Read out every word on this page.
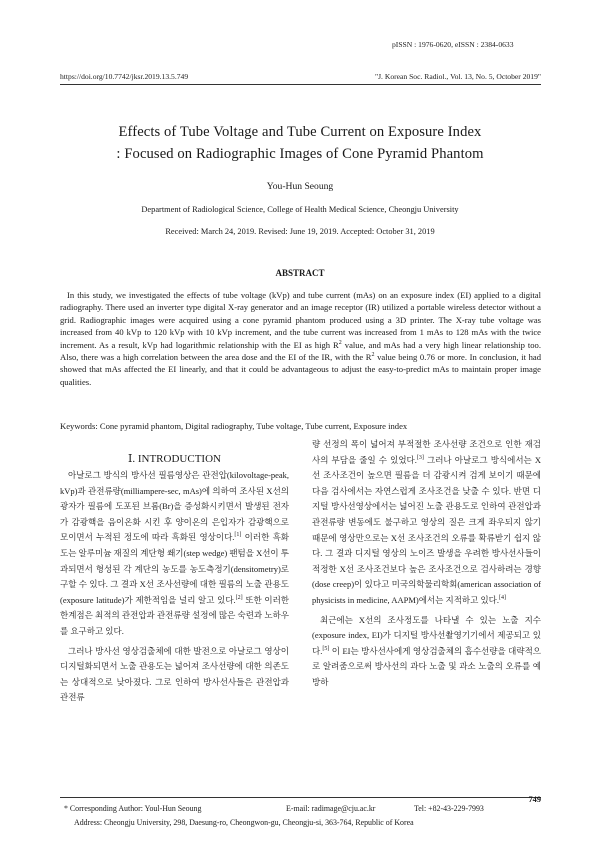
pISSN : 1976-0620, eISSN : 2384-0633
https://doi.org/10.7742/jksr.2019.13.5.749	"J. Korean Soc. Radiol., Vol. 13, No. 5, October 2019"
Effects of Tube Voltage and Tube Current on Exposure Index
: Focused on Radiographic Images of Cone Pyramid Phantom
You-Hun Seoung
Department of Radiological Science, College of Health Medical Science, Cheongju University
Received: March 24, 2019. Revised: June 19, 2019. Accepted: October 31, 2019
ABSTRACT

In this study, we investigated the effects of tube voltage (kVp) and tube current (mAs) on an exposure index (EI) applied to a digital radiography. There used an inverter type digital X-ray generator and an image receptor (IR) utilized a portable wireless detector without a grid. Radiographic images were acquired using a cone pyramid phantom produced using a 3D printer. The X-ray tube voltage was increased from 40 kVp to 120 kVp with 10 kVp increment, and the tube current was increased from 1 mAs to 128 mAs with the twice increment. As a result, kVp had logarithmic relationship with the EI as high $R^2$ value, and mAs had a very high linear relationship too. Also, there was a high correlation between the area dose and the EI of the IR, with the $R^2$ value being 0.76 or more. In conclusion, it had showed that mAs affected the EI linearly, and that it could be advantageous to adjust the easy-to-predict mAs to maintain proper image qualities.

Keywords: Cone pyramid phantom, Digital radiography, Tube voltage, Tube current, Exposure index
Ⅰ. INTRODUCTION

아날로그 방식의 방사선 필름영상은 관전압(kilovoltage-peak, kVp)과 관전류량(milliampere-sec, mAs)에 의하여 조사된 X선의 광자가 필름에 도포된 브롬(Br)을 증성화시키면서 발생된 전자가 감광핵을 음이온화 시킨 후 양이온의 은입자가 감광핵으로 모이면서 누적된 정도에 따라 흑화된 영상이다.[1] 이러한 흑화도는 알루미늄 재질의 계단형 쐐기(step wedge) 팬텀을 X선이 투과되면서 형성된 각 계단의 농도를 농도측정기(densitometry)로 구할 수 있다. 그 결과 X선 조사선량에 대한 필름의 노출 관용도(exposure latitude)가 제한적임을 널리 알고 있다.[2] 또한 이러한 한계점은 최적의 관전압과 관전류량 설정에 많은 숙련과 노하우를 요구하고 있다.

그러나 방사선 영상검출체에 대한 발전으로 아날로그 영상이 디지털화되면서 노출 관용도는 넓어져 조사선량에 대한 의존도는 상대적으로 낮아졌다. 그로 인하여 방사선사들은 관전압과 관전류

량 선정의 폭이 넓어져 부적절한 조사선량 조건으로 인한 재검사의 부담을 줄일 수 있었다.[3] 그러나 아날로그 방식에서는 X선 조사조건이 높으면 필름을 더 감광시켜 검게 보이기 때문에 다음 검사에서는 자연스럽게 조사조건을 낮출 수 있다. 반면 디지털 방사선영상에서는 넓어진 노출 관용도로 인하여 관전압과 관전류량 변동에도 불구하고 영상의 질은 크게 좌우되지 않기 때문에 영상만으로는 X선 조사조건의 오류를 확류받기 쉽지 않다. 그 결과 디지털 영상의 노이즈 발생을 우려한 방사선사들이 적정한 X선 조사조건보다 높은 조사조건으로 검사하려는 경향(dose creep)이 있다고 미국의학물리학회(american association of physicists in medicine, AAPM)에서는 지적하고 있다.[4]

최근에는 X선의 조사정도를 나타낼 수 있는 노출 지수(exposure index, EI)가 디지털 방사선촬영기기에서 제공되고 있다.[5] 이 EI는 방사선사에게 영상검출체의 흡수선량을 대략적으로 알려줌으로써 방사선의 과다 노출 및 과소 노출의 오류를 예방하

749
* Corresponding Author: Youl-Hun Seoung	E-mail: radimage@cju.ac.kr	Tel: +82-43-229-7993
Address: Cheongju University, 298, Daesung-ro, Cheongwon-gu, Cheongju-si, 363-764, Republic of Korea
